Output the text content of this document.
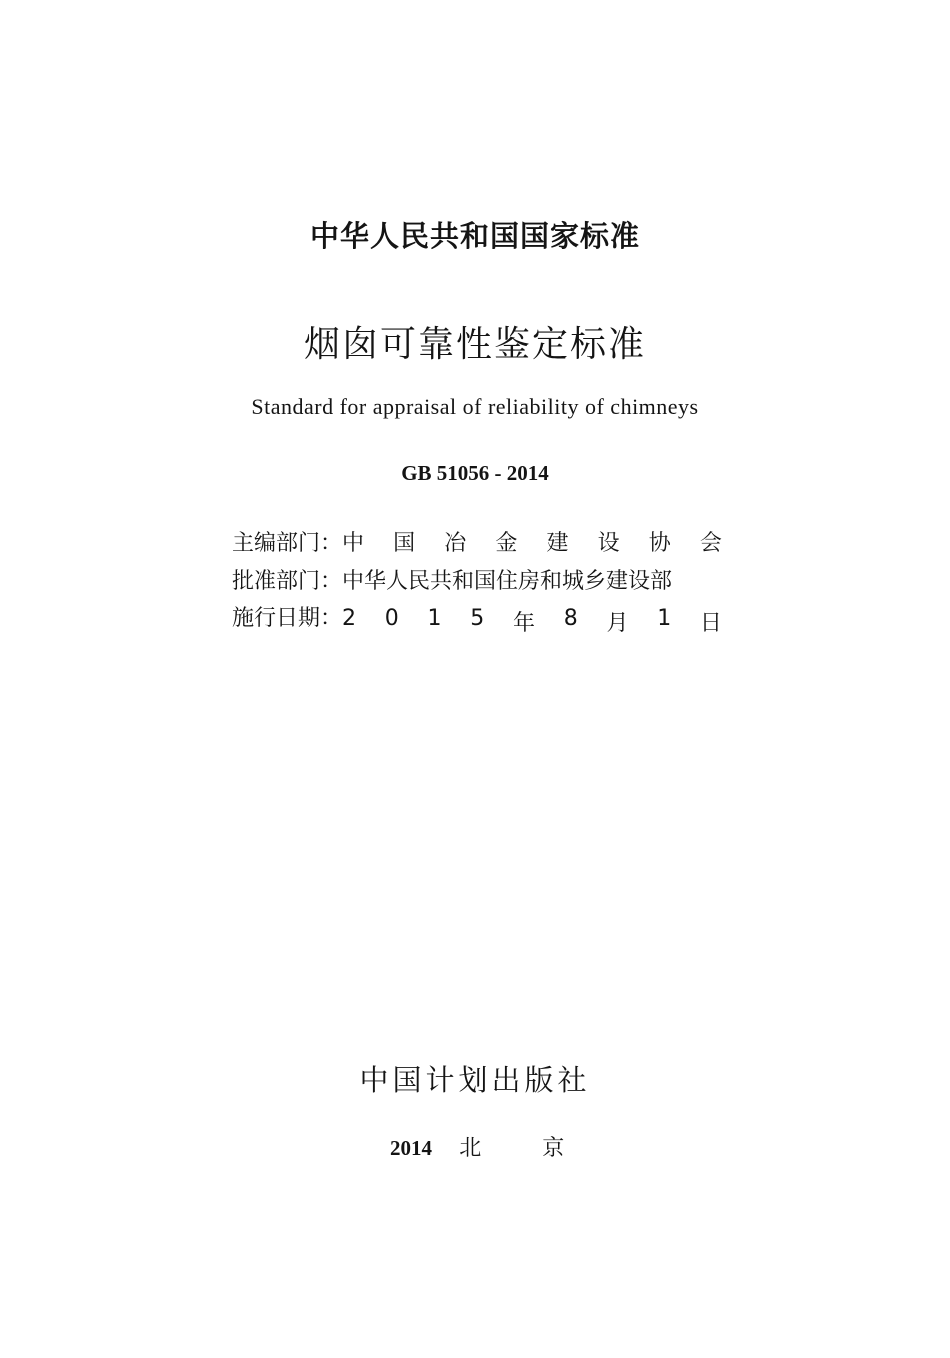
中华人民共和国国家标准
烟囱可靠性鉴定标准
Standard for appraisal of reliability of chimneys
GB 51056 - 2014
主编部门： 中 国 冶 金 建 设 协 会
批准部门： 中华人民共和国住房和城乡建设部
施行日期： 2 0 1 5 年 8 月 1 日
中国计划出版社
2014 北	京
